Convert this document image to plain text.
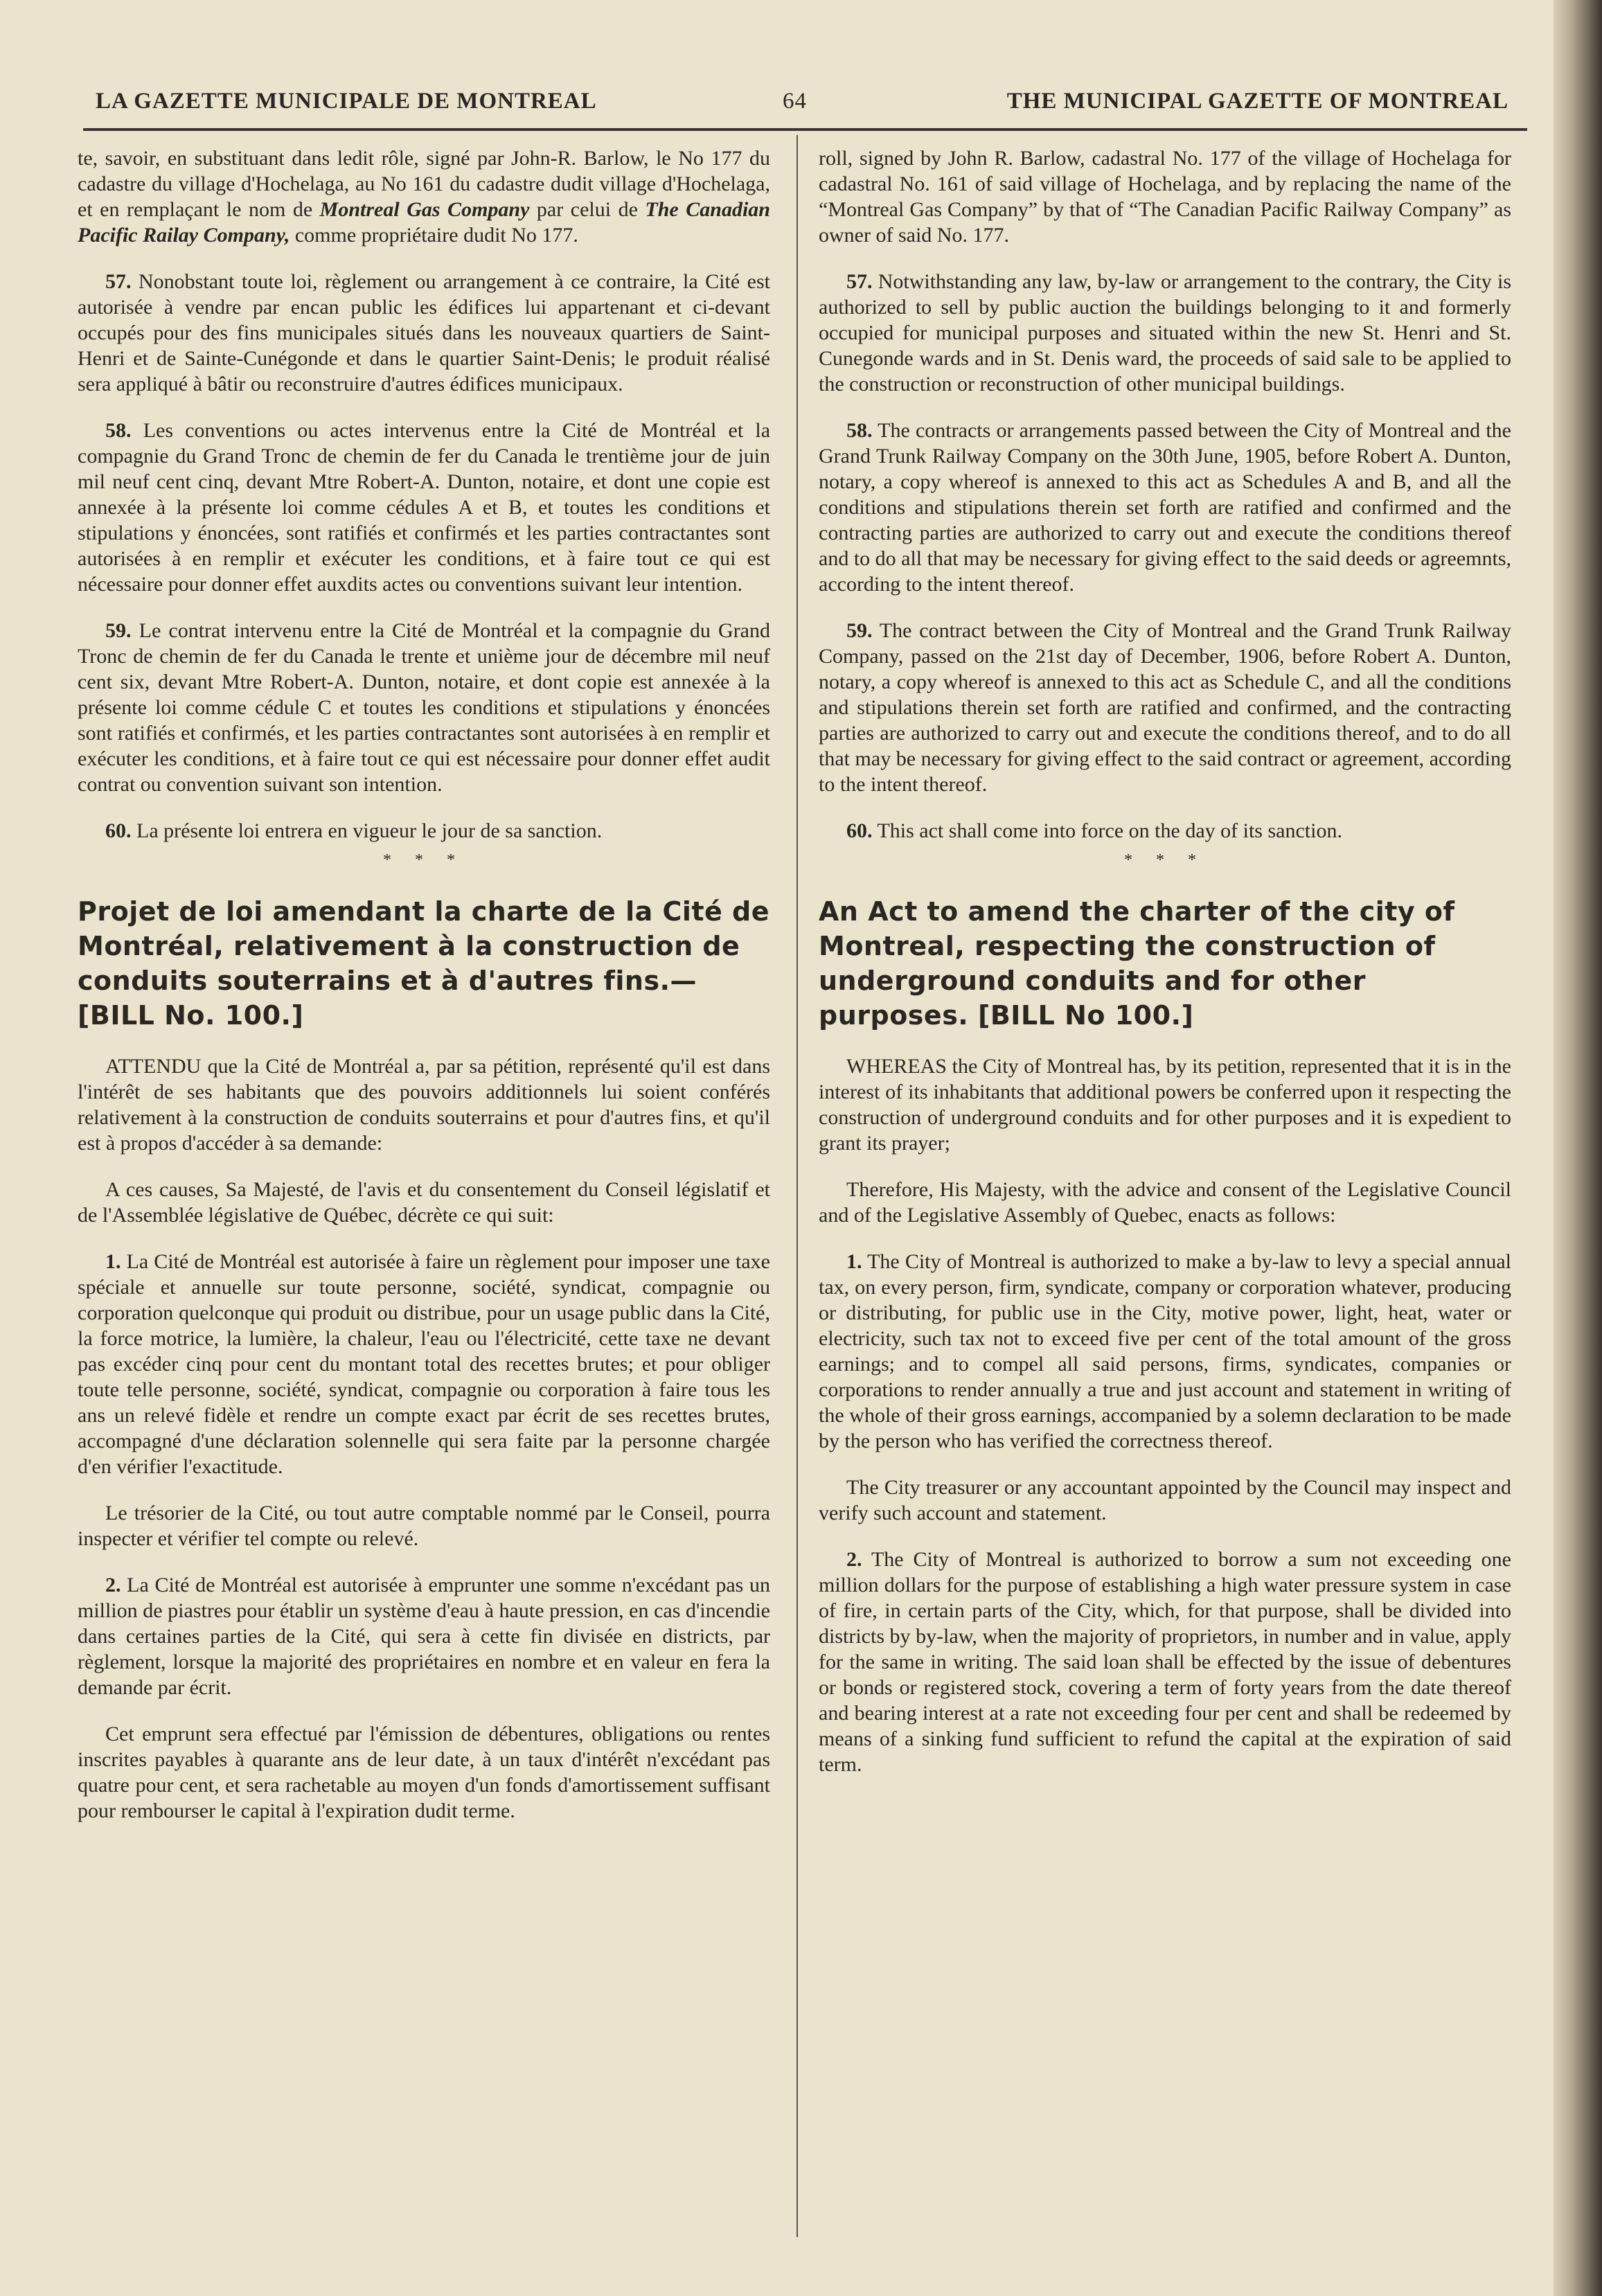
LA GAZETTE MUNICIPALE DE MONTREAL	64	THE MUNICIPAL GAZETTE OF MONTREAL

te, savoir, en substituant dans ledit rôle, signé par John-R. Barlow, le No 177 du cadastre du village d'Hochelaga, au No 161 du cadastre dudit village d'Hochelaga, et en remplaçant le nom de Montreal Gas Company par celui de The Canadian Pacific Railay Company, comme propriétaire dudit No 177.

57. Nonobstant toute loi, règlement ou arrangement à ce contraire, la Cité est autorisée à vendre par encan public les édifices lui appartenant et ci-devant occupés pour des fins municipales situés dans les nouveaux quartiers de Saint-Henri et de Sainte-Cunégonde et dans le quartier Saint-Denis; le produit réalisé sera appliqué à bâtir ou reconstruire d'autres édifices municipaux.

58. Les conventions ou actes intervenus entre la Cité de Montréal et la compagnie du Grand Tronc de chemin de fer du Canada le trentième jour de juin mil neuf cent cinq, devant Mtre Robert-A. Dunton, notaire, et dont une copie est annexée à la présente loi comme cédules A et B, et toutes les conditions et stipulations y énoncées, sont ratifiés et confirmés et les parties contractantes sont autorisées à en remplir et exécuter les conditions, et à faire tout ce qui est nécessaire pour donner effet auxdits actes ou conventions suivant leur intention.

59. Le contrat intervenu entre la Cité de Montréal et la compagnie du Grand Tronc de chemin de fer du Canada le trente et unième jour de décembre mil neuf cent six, devant Mtre Robert-A. Dunton, notaire, et dont copie est annexée à la présente loi comme cédule C et toutes les conditions et stipulations y énoncées sont ratifiés et confirmés, et les parties contractantes sont autorisées à en remplir et exécuter les conditions, et à faire tout ce qui est nécessaire pour donner effet audit contrat ou convention suivant son intention.

60. La présente loi entrera en vigueur le jour de sa sanction.

* * *
Projet de loi amendant la charte de la Cité de Montréal, relativement à la construction de conduits souterrains et à d'autres fins.— [BILL No. 100.]

ATTENDU que la Cité de Montréal a, par sa pétition, représenté qu'il est dans l'intérêt de ses habitants que des pouvoirs additionnels lui soient conférés relativement à la construction de conduits souterrains et pour d'autres fins, et qu'il est à propos d'accéder à sa demande:

A ces causes, Sa Majesté, de l'avis et du consentement du Conseil législatif et de l'Assemblée législative de Québec, décrète ce qui suit:

1. La Cité de Montréal est autorisée à faire un règlement pour imposer une taxe spéciale et annuelle sur toute personne, société, syndicat, compagnie ou corporation quelconque qui produit ou distribue, pour un usage public dans la Cité, la force motrice, la lumière, la chaleur, l'eau ou l'électricité, cette taxe ne devant pas excéder cinq pour cent du montant total des recettes brutes; et pour obliger toute telle personne, société, syndicat, compagnie ou corporation à faire tous les ans un relevé fidèle et rendre un compte exact par écrit de ses recettes brutes, accompagné d'une déclaration solennelle qui sera faite par la personne chargée d'en vérifier l'exactitude.

Le trésorier de la Cité, ou tout autre comptable nommé par le Conseil, pourra inspecter et vérifier tel compte ou relevé.

2. La Cité de Montréal est autorisée à emprunter une somme n'excédant pas un million de piastres pour établir un système d'eau à haute pression, en cas d'incendie dans certaines parties de la Cité, qui sera à cette fin divisée en districts, par règlement, lorsque la majorité des propriétaires en nombre et en valeur en fera la demande par écrit.

Cet emprunt sera effectué par l'émission de débentures, obligations ou rentes inscrites payables à quarante ans de leur date, à un taux d'intérêt n'excédant pas quatre pour cent, et sera rachetable au moyen d'un fonds d'amortissement suffisant pour rembourser le capital à l'expiration dudit terme.

roll, signed by John R. Barlow, cadastral No. 177 of the village of Hochelaga for cadastral No. 161 of said village of Hochelaga, and by replacing the name of the “Montreal Gas Company” by that of “The Canadian Pacific Railway Company” as owner of said No. 177.

57. Notwithstanding any law, by-law or arrangement to the contrary, the City is authorized to sell by public auction the buildings belonging to it and formerly occupied for municipal purposes and situated within the new St. Henri and St. Cunegonde wards and in St. Denis ward, the proceeds of said sale to be applied to the construction or reconstruction of other municipal buildings.

58. The contracts or arrangements passed between the City of Montreal and the Grand Trunk Railway Company on the 30th June, 1905, before Robert A. Dunton, notary, a copy whereof is annexed to this act as Schedules A and B, and all the conditions and stipulations therein set forth are ratified and confirmed and the contracting parties are authorized to carry out and execute the conditions thereof and to do all that may be necessary for giving effect to the said deeds or agreemnts, according to the intent thereof.

59. The contract between the City of Montreal and the Grand Trunk Railway Company, passed on the 21st day of December, 1906, before Robert A. Dunton, notary, a copy whereof is annexed to this act as Schedule C, and all the conditions and stipulations therein set forth are ratified and confirmed, and the contracting parties are authorized to carry out and execute the conditions thereof, and to do all that may be necessary for giving effect to the said contract or agreement, according to the intent thereof.

60. This act shall come into force on the day of its sanction.

* * *
An Act to amend the charter of the city of Montreal, respecting the construction of underground conduits and for other purposes. [BILL No 100.]

WHEREAS the City of Montreal has, by its petition, represented that it is in the interest of its inhabitants that additional powers be conferred upon it respecting the construction of underground conduits and for other purposes and it is expedient to grant its prayer;

Therefore, His Majesty, with the advice and consent of the Legislative Council and of the Legislative Assembly of Quebec, enacts as follows:

1. The City of Montreal is authorized to make a by-law to levy a special annual tax, on every person, firm, syndicate, company or corporation whatever, producing or distributing, for public use in the City, motive power, light, heat, water or electricity, such tax not to exceed five per cent of the total amount of the gross earnings; and to compel all said persons, firms, syndicates, companies or corporations to render annually a true and just account and statement in writing of the whole of their gross earnings, accompanied by a solemn declaration to be made by the person who has verified the correctness thereof.

The City treasurer or any accountant appointed by the Council may inspect and verify such account and statement.

2. The City of Montreal is authorized to borrow a sum not exceeding one million dollars for the purpose of establishing a high water pressure system in case of fire, in certain parts of the City, which, for that purpose, shall be divided into districts by by-law, when the majority of proprietors, in number and in value, apply for the same in writing. The said loan shall be effected by the issue of debentures or bonds or registered stock, covering a term of forty years from the date thereof and bearing interest at a rate not exceeding four per cent and shall be redeemed by means of a sinking fund sufficient to refund the capital at the expiration of said term.
